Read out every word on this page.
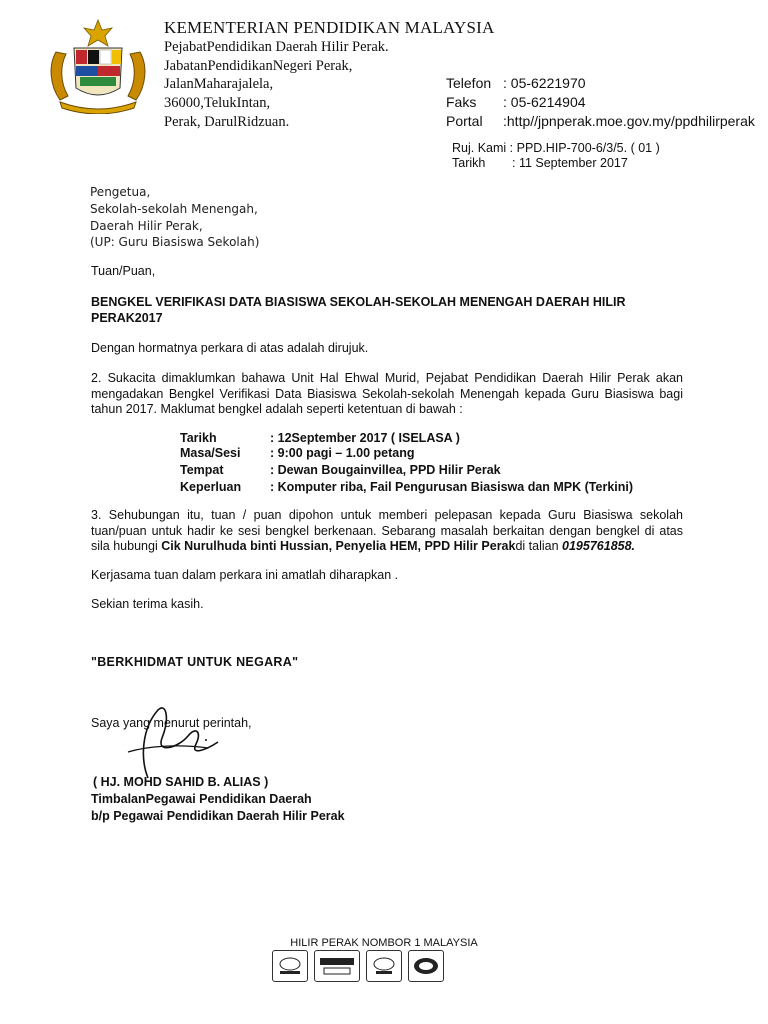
KEMENTERIAN PENDIDIKAN MALAYSIA
PejabatPendidikan Daerah Hilir Perak.
JabatanPendidikanNegeri Perak,
JalanMaharajalela,
36000,TelukIntan,
Perak, DarulRidzuan.
Telefon : 05-6221970
Faks : 05-6214904
Portal :http//jpnperak.moe.gov.my/ppdhilirperak
Ruj. Kami : PPD.HIP-700-6/3/5. ( 01 )
Tarikh : 11 September 2017
Pengetua,
Sekolah-sekolah Menengah,
Daerah Hilir Perak,
(UP: Guru Biasiswa Sekolah)
Tuan/Puan,
BENGKEL VERIFIKASI DATA BIASISWA SEKOLAH-SEKOLAH MENENGAH DAERAH HILIR PERAK2017
Dengan hormatnya perkara di atas adalah dirujuk.
2. Sukacita dimaklumkan bahawa Unit Hal Ehwal Murid, Pejabat Pendidikan Daerah Hilir Perak akan mengadakan Bengkel Verifikasi Data Biasiswa Sekolah-sekolah Menengah kepada Guru Biasiswa bagi tahun 2017. Maklumat bengkel adalah seperti ketentuan di bawah :
Tarikh	: 12September 2017 ( ISELASA )
Masa/Sesi : 9:00 pagi – 1.00 petang
Tempat	: Dewan Bougainvillea, PPD Hilir Perak
Keperluan : Komputer riba, Fail Pengurusan Biasiswa dan MPK (Terkini)
3. Sehubungan itu, tuan / puan dipohon untuk memberi pelepasan kepada Guru Biasiswa sekolah tuan/puan untuk hadir ke sesi bengkel berkenaan. Sebarang masalah berkaitan dengan bengkel di atas sila hubungi Cik Nurulhuda binti Hussian, Penyelia HEM, PPD Hilir Perakdi talian 0195761858.
Kerjasama tuan dalam perkara ini amatlah diharapkan .
Sekian terima kasih.
"BERKHIDMAT UNTUK NEGARA"
Saya yang menurut perintah,
( HJ. MOHD SAHID B. ALIAS )
TimbalanPegawai Pendidikan Daerah
b/p Pegawai Pendidikan Daerah Hilir Perak
HILIR PERAK NOMBOR 1 MALAYSIA
